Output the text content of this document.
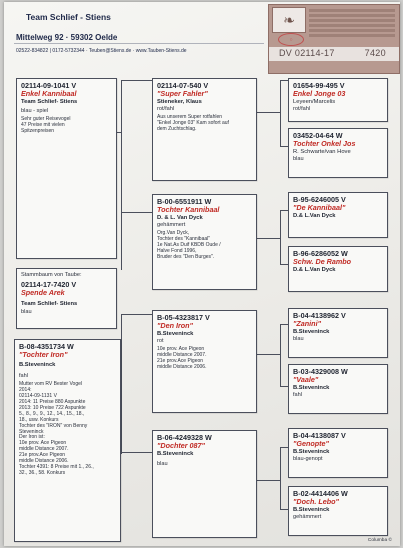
Team Schlief - Stiens
Mittelweg 92 · 59302 Oelde
02522-834822 | 0172-5732344 · Teuben@Stiens.de · www.Tauben-Stiens.de
❧
○
DV 02114-17	7420
02114-09-1041 V
Enkel Kannibaal
Team Schlief- Stiens
blau - spiel
Sehr guter Reisevogel
47 Preise mit vielen
Spitzenpreisen
Stammbaum von Taube:
02114-17-7420 V
Spende Arek
Team Schlief- Stiens
blau
B-08-4351734 W
"Tochter Iron"
B.Steveninck
fahl
Mutter vom RV Bester Vogel
2014:
02114-09-1131 V
2014: 11 Preise 880 Aspunkte
2013: 10 Preise 722 Aspunkte
5., 8., 9., 9., 12., 14., 15., 18.,
18., usw. Konkurs
Tochter des "IRON" von Benny
Steveninck
Der Iron ist:
10e prov. Ace Pigeon
middle Distance 2007.
21e prov.Ace Pigeon
middle Distance 2006.
Tochter 4391: 8 Preise mit 1., 26.,
32., 36., 58. Konkurs
02114-07-540 V
"Super Fahler"
Stieneker, Klaus
rot/fahl
Aus unserem Super rotfahlen
"Enkel Jonge 03" Kam sofort auf
dem Zuchtschlag.
B-00-6551911 W
Tochter Kannibaal
D. & L. Van Dyck
gehämmert
Org.Van Dyck,
Tochter des "Kannibaal"
1e Nat.As Duif KBDB Oude /
Halve Fond 1996,
Bruder des "Den Burges".
B-05-4323817 V
"Den Iron"
B.Steveninck
rot
10e prov. Ace Pigeon
middle Distance 2007.
21e prov.Ace Pigeon
middle Distance 2006.
B-06-4249328 W
"Dochter 087"
B.Steveninck
blau
01654-99-495 V
Enkel Jonge 03
Leyeen/Marcelis
rot/fahl
03452-04-64 W
Tochter Onkel Jos
R. Schwarte/van Hove
blau
B-95-6246005 V
"De Kannibaal"
D.& L.Van Dyck
B-96-6286052 W
Schw. De Rambo
D.& L.Van Dyck
B-04-4138962 V
"Zanini"
B.Steveninck
blau
B-03-4329008 W
"Vaale"
B.Steveninck
fahl
B-04-4138087 V
"Genopte"
B.Steveninck
blau-genopt
B-02-4414406 W
"Doch. Lebo"
B.Steveninck
gehämmert
Columba ©
